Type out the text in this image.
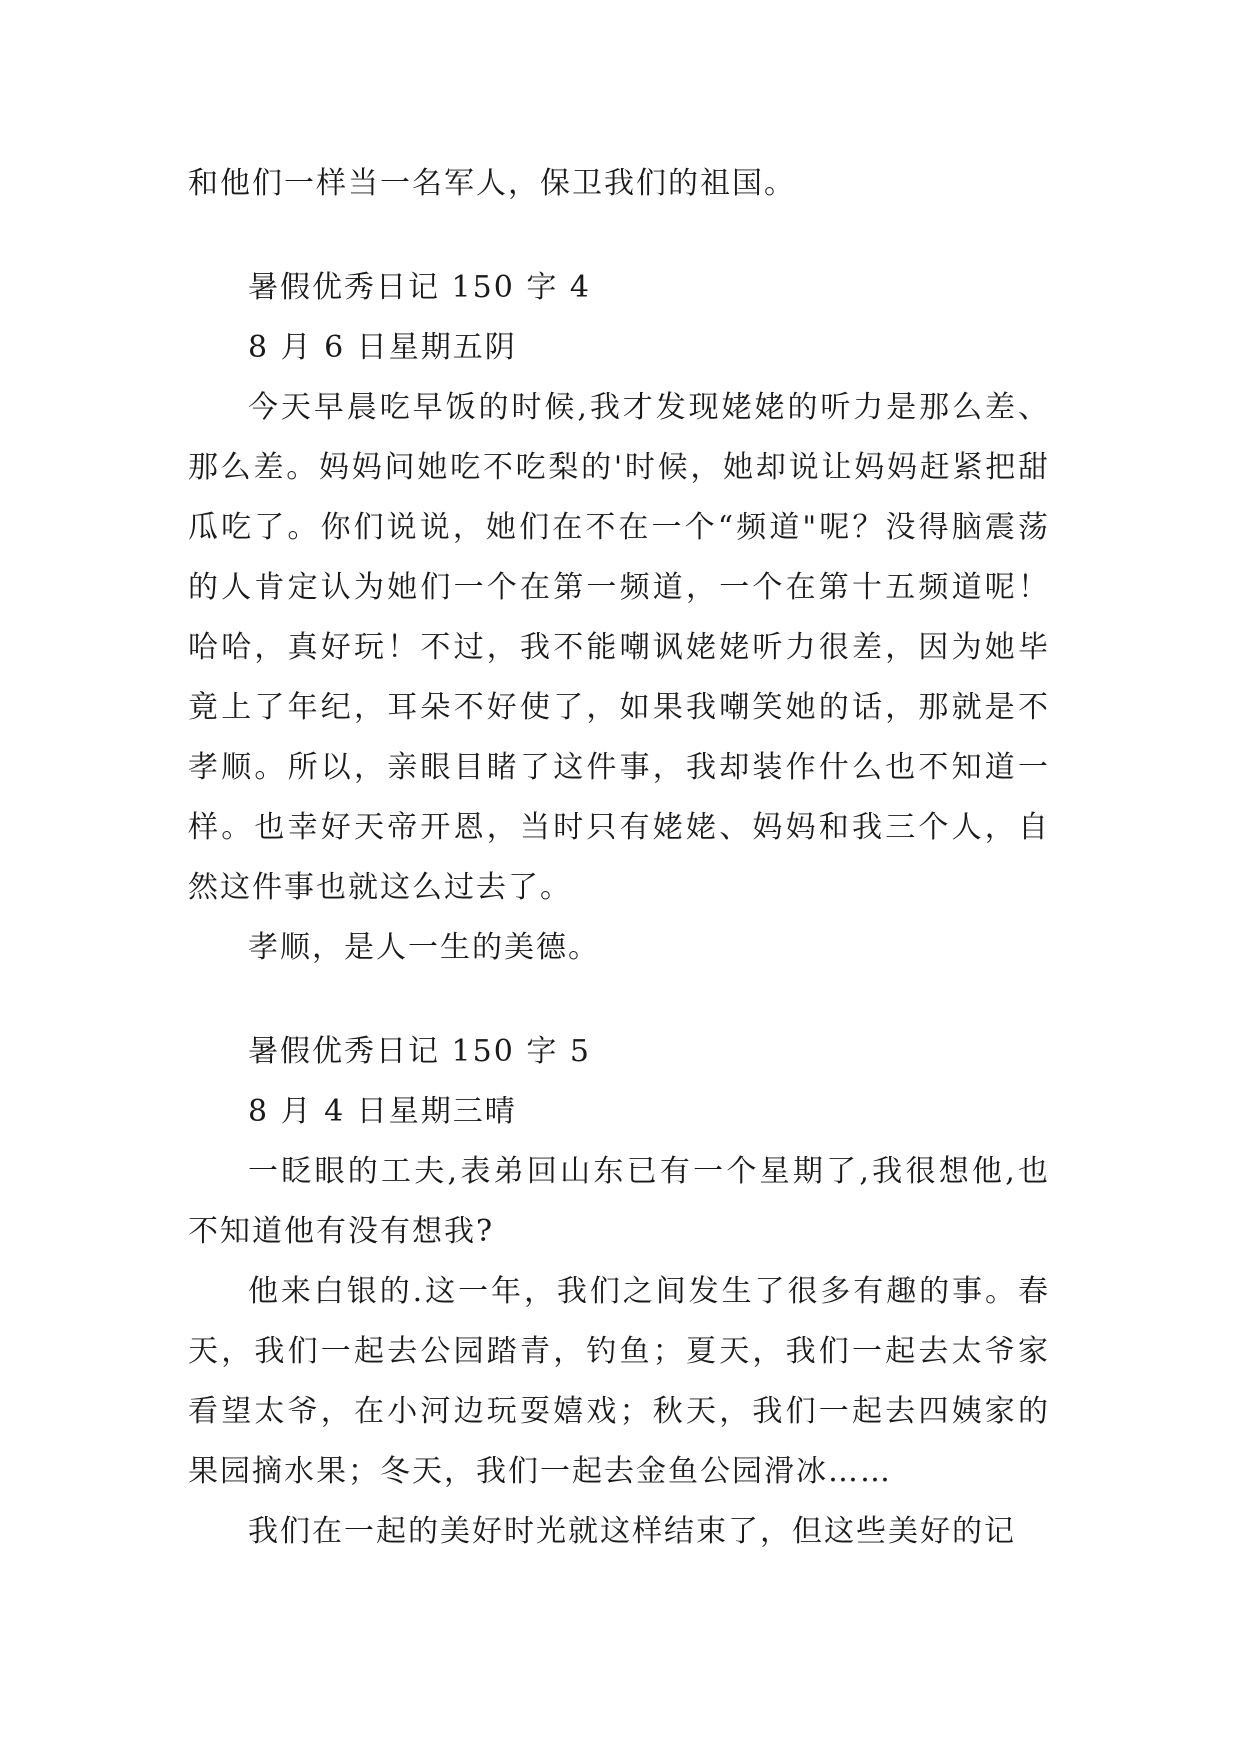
和他们一样当一名军人，保卫我们的祖国。

暑假优秀日记 150 字 4

8 月 6 日星期五阴

今天早晨吃早饭的时候,我才发现姥姥的听力是那么差、那么差。妈妈问她吃不吃梨的'时候，她却说让妈妈赶紧把甜瓜吃了。你们说说，她们在不在一个“频道"呢？没得脑震荡的人肯定认为她们一个在第一频道，一个在第十五频道呢！哈哈，真好玩！不过，我不能嘲讽姥姥听力很差，因为她毕竟上了年纪，耳朵不好使了，如果我嘲笑她的话，那就是不孝顺。所以，亲眼目睹了这件事，我却装作什么也不知道一样。也幸好天帝开恩，当时只有姥姥、妈妈和我三个人，自然这件事也就这么过去了。

孝顺，是人一生的美德。

暑假优秀日记 150 字 5

8 月 4 日星期三晴

一眨眼的工夫,表弟回山东已有一个星期了,我很想他,也不知道他有没有想我?

他来白银的.这一年，我们之间发生了很多有趣的事。春天，我们一起去公园踏青，钓鱼；夏天，我们一起去太爷家看望太爷，在小河边玩耍嬉戏；秋天，我们一起去四姨家的果园摘水果；冬天，我们一起去金鱼公园滑冰……

我们在一起的美好时光就这样结束了，但这些美好的记
